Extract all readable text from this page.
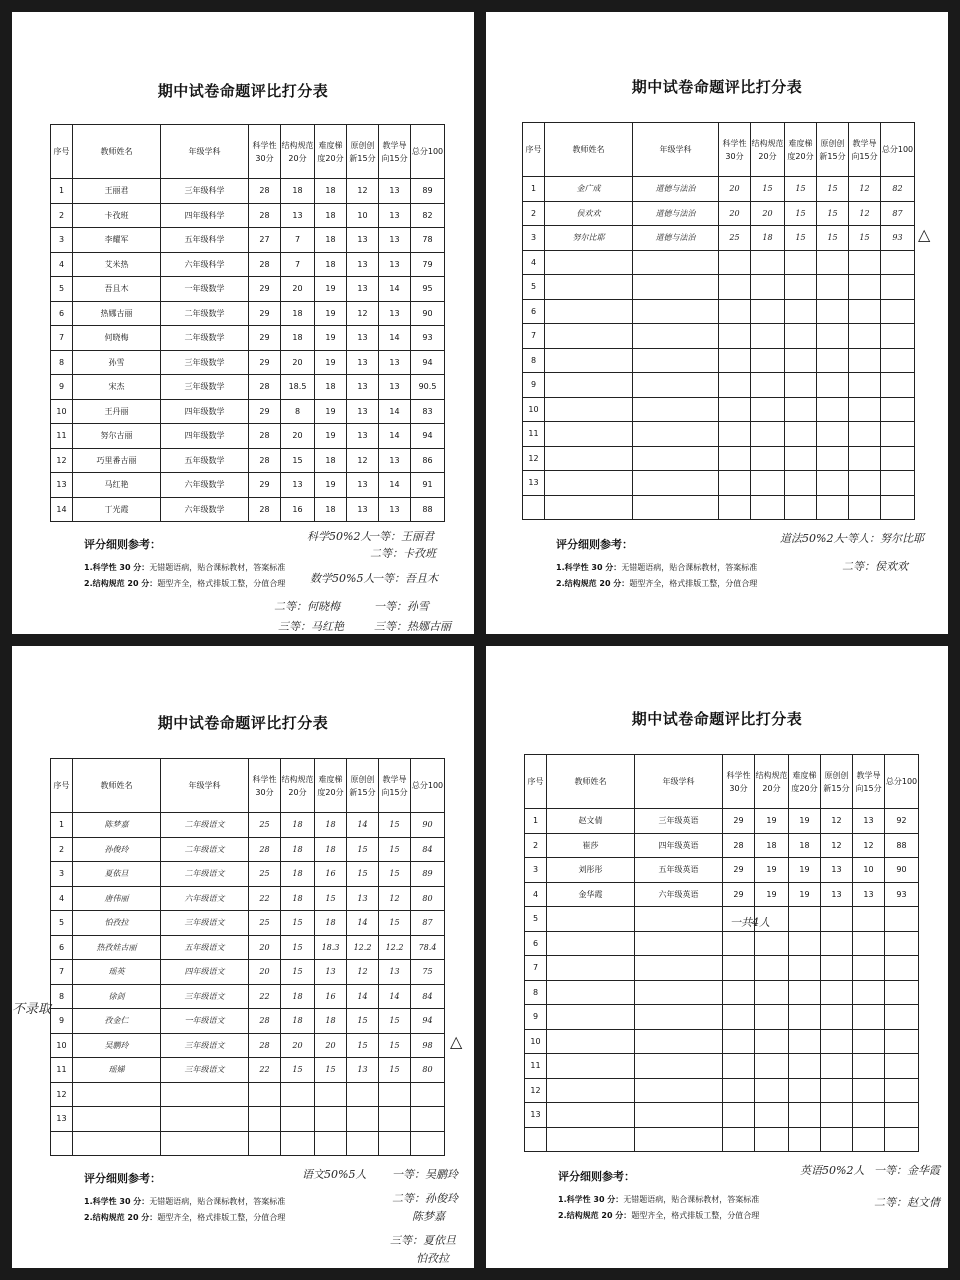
期中试卷命题评比打分表
序号	教师姓名	年级学科	科学性30分	结构规范20分	难度梯度20分	原创创新15分	教学导向15分	总分100
1	王丽君	三年级科学	28	18	18	12	13	89
2	卡孜班	四年级科学	28	13	18	10	13	82
3	李耀军	五年级科学	27	7	18	13	13	78
4	艾米热	六年级科学	28	7	18	13	13	79
5	吾且木	一年级数学	29	20	19	13	14	95
6	热娜古丽	二年级数学	29	18	19	12	13	90
7	何晓梅	二年级数学	29	18	19	13	14	93
8	孙雪	三年级数学	29	20	19	13	13	94
9	宋杰	三年级数学	28	18.5	18	13	13	90.5
10	王丹丽	四年级数学	29	8	19	13	14	83
11	努尔古丽	四年级数学	28	20	19	13	14	94
12	巧里番古丽	五年级数学	28	15	18	12	13	86
13	马红艳	六年级数学	29	13	19	13	14	91
14	丁光霞	六年级数学	28	16	18	13	13	88
评分细则参考：
1.科学性 30 分：无错题语病，贴合课标教材，答案标准
2.结构规范 20 分：题型齐全，格式排版工整，分值合理
科学50%2人
一等：王丽君
二等：卡孜班
数学50%5人
一等：吾且木
二等：何晓梅	一等：孙雪
三等：马红艳	三等：热娜古丽
期中试卷命题评比打分表
序号	教师姓名	年级学科	科学性30分	结构规范20分	难度梯度20分	原创创新15分	教学导向15分	总分100
1	金广成	道德与法治	20	15	15	15	12	82
2	侯欢欢	道德与法治	20	20	15	15	12	87
3	努尔比耶	道德与法治	25	18	15	15	15	93
4								
5								
6								
7								
8								
9								
10								
11								
12								
13								

△
评分细则参考：
1.科学性 30 分：无错题语病，贴合课标教材，答案标准
2.结构规范 20 分：题型齐全，格式排版工整，分值合理
道法50%2人
一等人：努尔比耶
二等：侯欢欢
期中试卷命题评比打分表
序号	教师姓名	年级学科	科学性30分	结构规范20分	难度梯度20分	原创创新15分	教学导向15分	总分100
1	陈梦嘉	二年级语文	25	18	18	14	15	90
2	孙俊玲	二年级语文	28	18	18	15	15	84
3	夏依旦	二年级语文	25	18	16	15	15	89
4	唐伟丽	六年级语文	22	18	15	13	12	80
5	怕孜拉	三年级语文	25	15	18	14	15	87
6	热孜娃古丽	五年级语文	20	15	18.3	12.2	12.2	78.4
7	瑶英	四年级语文	20	15	13	12	13	75
8	徐剑	三年级语文	22	18	16	14	14	84
9	孜金仁	一年级语文	28	18	18	15	15	94
10	吴鹏玲	三年级语文	28	20	20	15	15	98
11	瑶娣	三年级语文	22	15	15	13	15	80
12								
13								

不录取
△
评分细则参考：
1.科学性 30 分：无错题语病，贴合课标教材，答案标准
2.结构规范 20 分：题型齐全，格式排版工整，分值合理
语文50%5人 一等：吴鹏玲
二等：孙俊玲
陈梦嘉
三等：夏依旦
怕孜拉
期中试卷命题评比打分表
序号	教师姓名	年级学科	科学性30分	结构规范20分	难度梯度20分	原创创新15分	教学导向15分	总分100
1	赵文倩	三年级英语	29	19	19	12	13	92
2	崔莎	四年级英语	28	18	18	12	12	88
3	刘彤彤	五年级英语	29	19	19	13	10	90
4	金华霞	六年级英语	29	19	19	13	13	93
5								
6								
7								
8								
9								
10								
11								
12								
13								

一共4人
评分细则参考：
1.科学性 30 分：无错题语病，贴合课标教材，答案标准
2.结构规范 20 分：题型齐全，格式排版工整，分值合理
英语50%2人 一等：金华霞
二等：赵文倩
